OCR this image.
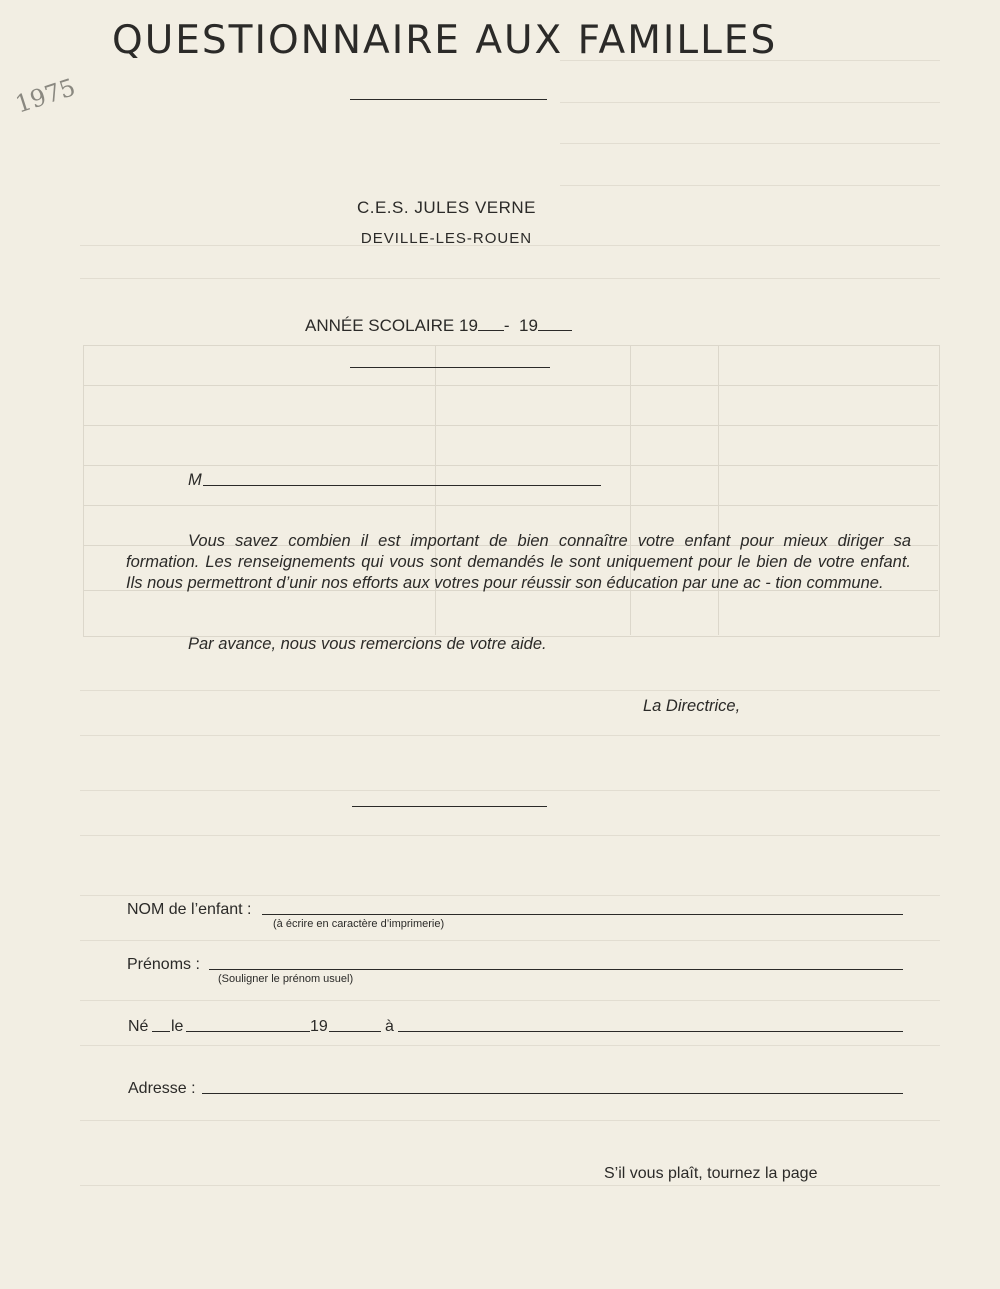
1975
QUESTIONNAIRE AUX FAMILLES
C.E.S. JULES VERNE
DEVILLE-LES-ROUEN
ANNÉE SCOLAIRE 19 - 19
M
Vous savez combien il est important de bien connaître votre enfant pour mieux diriger sa formation. Les renseignements qui vous sont demandés le sont uniquement pour le bien de votre enfant. Ils nous permettront d’unir nos efforts aux votres pour réussir son éducation par une ac - tion commune.
Par avance, nous vous remercions de votre aide.
La Directrice,
NOM de l’enfant :
(à écrire en caractère d’imprimerie)
Prénoms :
(Souligner le prénom usuel)
Né le	19	à
Adresse :
S’il vous plaît, tournez la page
